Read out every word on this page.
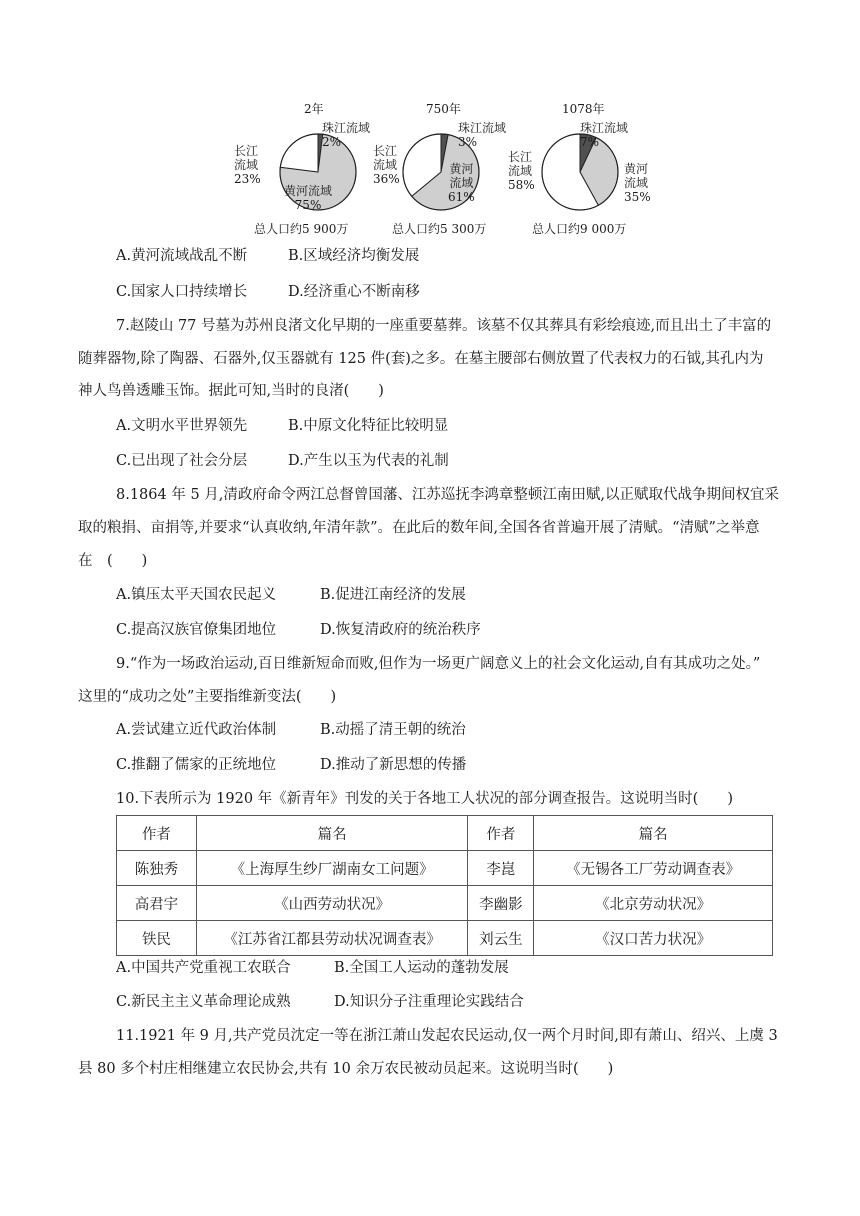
2年
珠江流域
2%
长江
流域
23%
黄河流域
75%
总人口约5 900万
750年
珠江流域
3%
长江
流域
36%
黄河
流域
61%
总人口约5 300万
1078年
珠江流域
7%
长江
流域
58%
黄河
流域
35%
总人口约9 000万
A.黄河流域战乱不断	B.区域经济均衡发展
C.国家人口持续增长	D.经济重心不断南移
7.赵陵山 77 号墓为苏州良渚文化早期的一座重要墓葬。该墓不仅其葬具有彩绘痕迹,而且出土了丰富的
随葬器物,除了陶器、石器外,仅玉器就有 125 件(套)之多。在墓主腰部右侧放置了代表权力的石钺,其孔内为
神人鸟兽透雕玉饰。据此可知,当时的良渚(　　)
A.文明水平世界领先	B.中原文化特征比较明显
C.已出现了社会分层	D.产生以玉为代表的礼制
8.1864 年 5 月,清政府命令两江总督曾国藩、江苏巡抚李鸿章整顿江南田赋,以正赋取代战争期间权宜采
取的粮捐、亩捐等,并要求“认真收纳,年清年款”。在此后的数年间,全国各省普遍开展了清赋。“清赋”之举意
在　(　　)
A.镇压太平天国农民起义	B.促进江南经济的发展
C.提高汉族官僚集团地位	D.恢复清政府的统治秩序
9.“作为一场政治运动,百日维新短命而败,但作为一场更广阔意义上的社会文化运动,自有其成功之处。”
这里的“成功之处”主要指维新变法(　　)
A.尝试建立近代政治体制	B.动摇了清王朝的统治
C.推翻了儒家的正统地位	D.推动了新思想的传播
10.下表所示为 1920 年《新青年》刊发的关于各地工人状况的部分调查报告。这说明当时(　　)
作者	篇名	作者	篇名
陈独秀	《上海厚生纱厂湖南女工问题》	李崑	《无锡各工厂劳动调查表》
高君宇	《山西劳动状况》	李幽影	《北京劳动状况》
铁民	《江苏省江都县劳动状况调查表》	刘云生	《汉口苦力状况》
A.中国共产党重视工农联合	B.全国工人运动的蓬勃发展
C.新民主主义革命理论成熟	D.知识分子注重理论实践结合
11.1921 年 9 月,共产党员沈定一等在浙江萧山发起农民运动,仅一两个月时间,即有萧山、绍兴、上虞 3
县 80 多个村庄相继建立农民协会,共有 10 余万农民被动员起来。这说明当时(　　)
